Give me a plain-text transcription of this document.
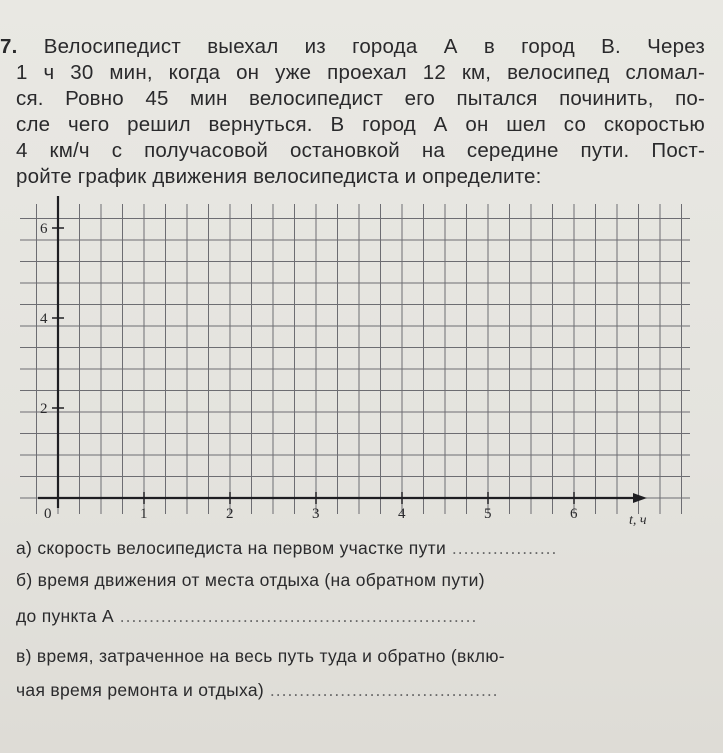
7. Велосипедист выехал из города А в город В. Через
1 ч 30 мин, когда он уже проехал 12 км, велосипед сломал-
ся. Ровно 45 мин велосипедист его пытался починить, по-
сле чего решил вернуться. В город А он шел со скоростью
4 км/ч с получасовой остановкой на середине пути. Пост-
ройте график движения велосипедиста и определите:
0	1	2	3	4	5	6
2
4
6
t, ч
а) скорость велосипедиста на первом участке пути ..................
б) время движения от места отдыха (на обратном пути)
до пункта А .............................................................
в) время, затраченное на весь путь туда и обратно (вклю-
чая время ремонта и отдыха) .......................................
